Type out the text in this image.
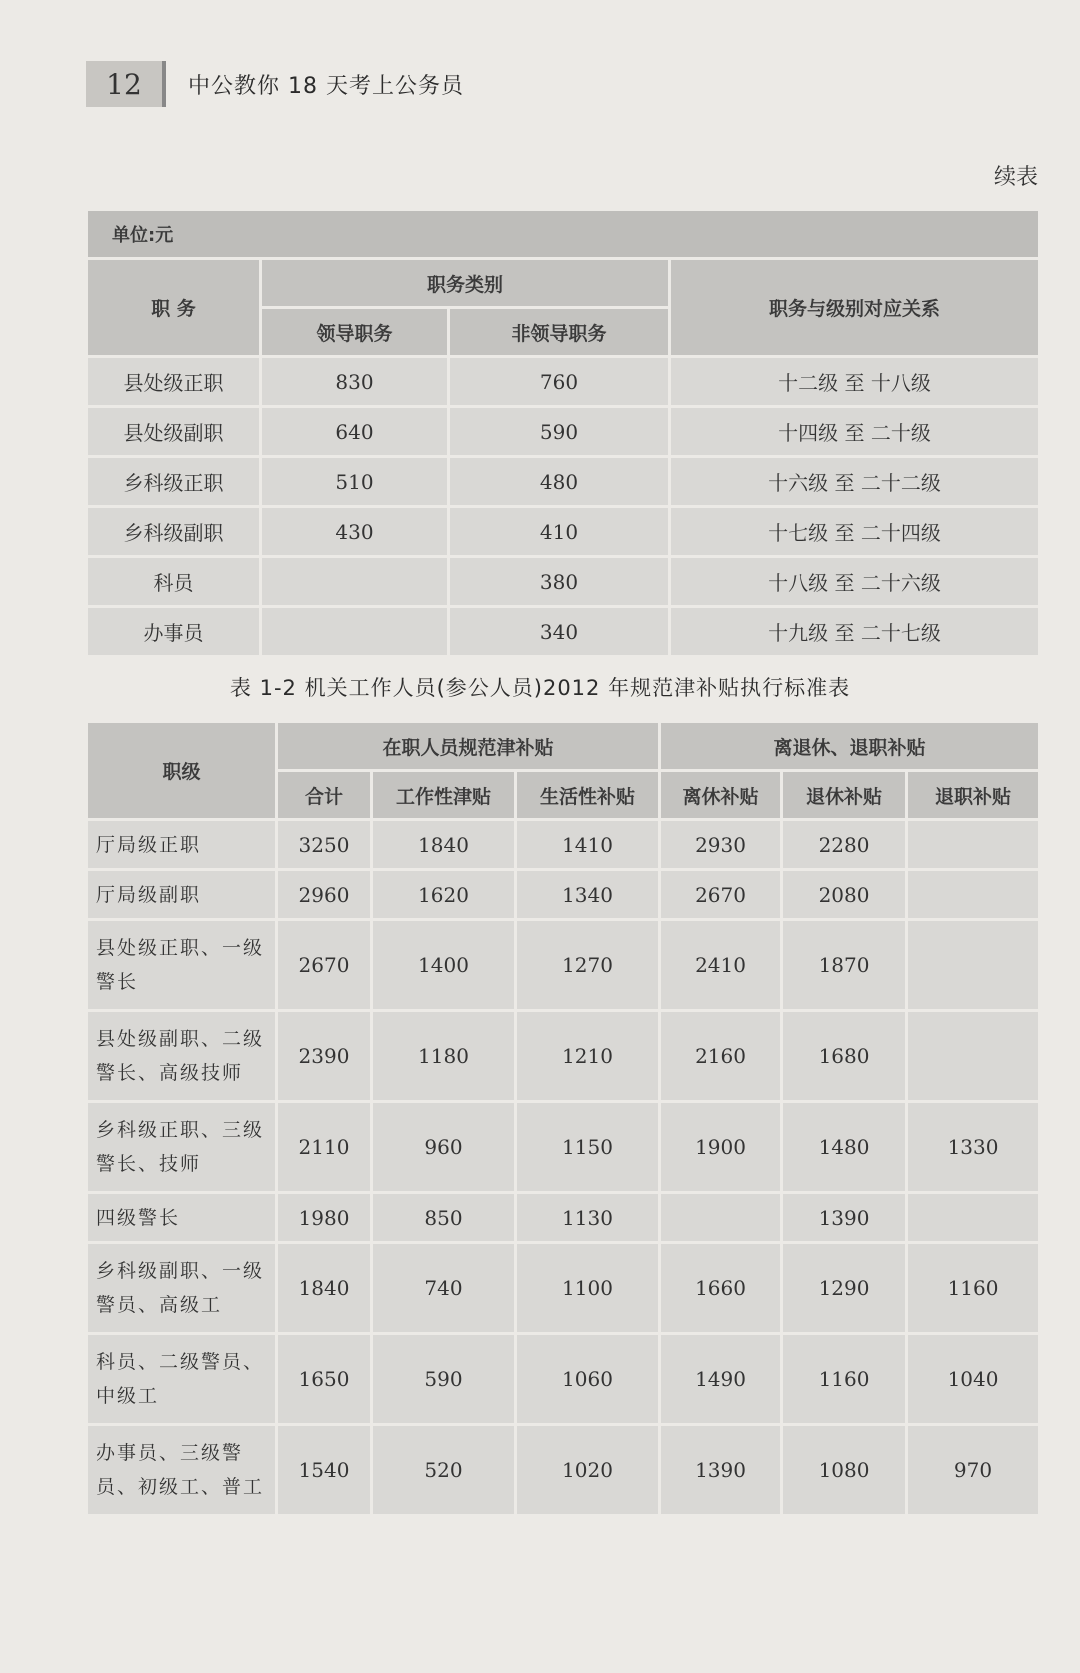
12	中公教你 18 天考上公务员
续表
单位:元			
职 务	职务类别		职务与级别对应关系
	领导职务	非领导职务	
县处级正职	830	760	十二级 至 十八级
县处级副职	640	590	十四级 至 二十级
乡科级正职	510	480	十六级 至 二十二级
乡科级副职	430	410	十七级 至 二十四级
科员		380	十八级 至 二十六级
办事员		340	十九级 至 二十七级
表 1-2 机关工作人员(参公人员)2012 年规范津补贴执行标准表
职级	在职人员规范津补贴			离退休、退职补贴		
	合计	工作性津贴	生活性补贴	离休补贴	退休补贴	退职补贴
厅局级正职	3250	1840	1410	2930	2280	
厅局级副职	2960	1620	1340	2670	2080	
县处级正职、一级警长	2670	1400	1270	2410	1870	
县处级副职、二级警长、高级技师	2390	1180	1210	2160	1680	
乡科级正职、三级警长、技师	2110	960	1150	1900	1480	1330
四级警长	1980	850	1130		1390	
乡科级副职、一级警员、高级工	1840	740	1100	1660	1290	1160
科员、二级警员、中级工	1650	590	1060	1490	1160	1040
办事员、三级警员、初级工、普工	1540	520	1020	1390	1080	970
